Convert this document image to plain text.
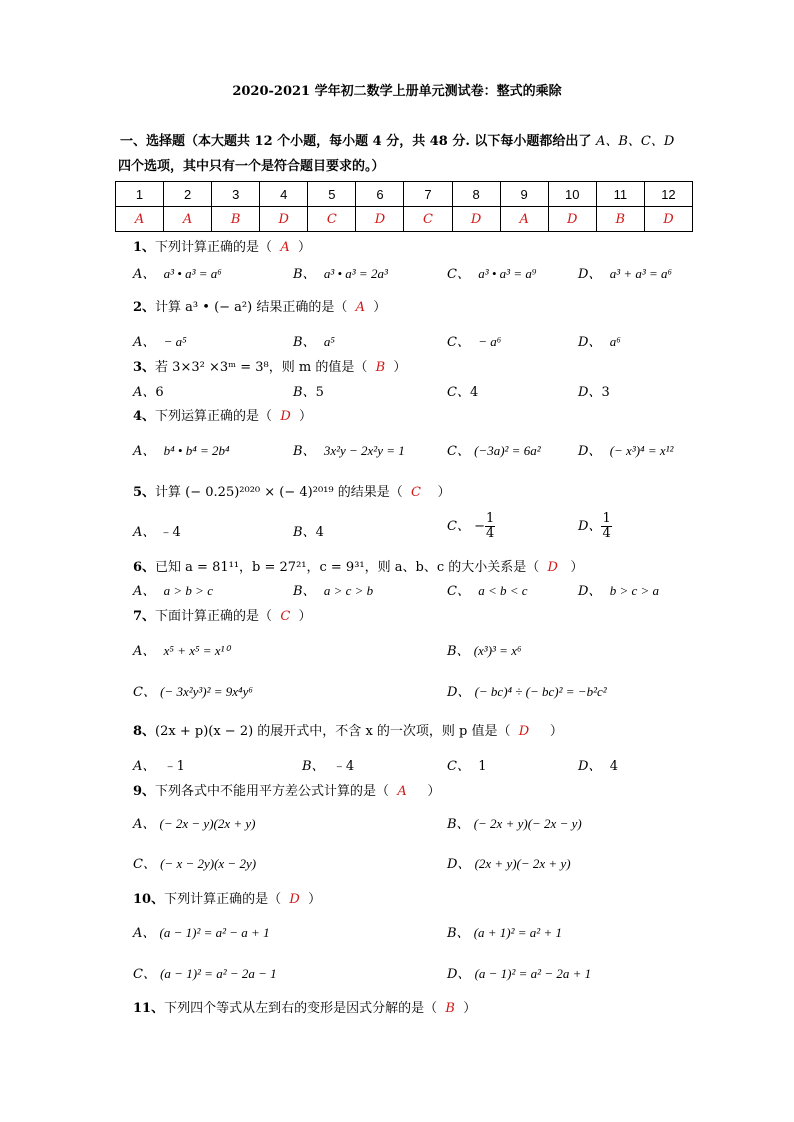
2020-2021 学年初二数学上册单元测试卷：整式的乘除
一、选择题（本大题共 12 个小题，每小题 4 分，共 48 分. 以下每小题都给出了 A、B、C、D
四个选项，其中只有一个是符合题目要求的。）
1	2	3	4	5	6	7	8	9	10	11	12
A	A	B	D	C	D	C	D	A	D	B	D
1、下列计算正确的是（ A ）
A、 a³ • a³ = a⁶	B、 a³ • a³ = 2a³	C、 a³ • a³ = a⁹	D、 a³ + a³ = a⁶
2、计算 a³ • (− a²) 结果正确的是（ A ）
A、 − a⁵	B、 a⁵	C、 − a⁶	D、 a⁶
3、若 3×3² ×3ᵐ = 3⁸，则 m 的值是（ B ）
A、6	B、5	C、4	D、3
4、下列运算正确的是（ D ）
A、 b⁴ • b⁴ = 2b⁴	B、 3x²y − 2x²y = 1	C、 (−3a)² = 6a²	D、 (− x³)⁴ = x¹²
5、计算 (− 0.25)²⁰²⁰ × (− 4)²⁰¹⁹ 的结果是（ C ）
A、 ﹣4	B、4	C、 − $\frac{1}{4}$	D、 $\frac{1}{4}$
6、已知 a = 81¹¹，b = 27²¹，c = 9³¹，则 a、b、c 的大小关系是（ D ）
A、 a > b > c	B、 a > c > b	C、 a < b < c	D、 b > c > a
7、下面计算正确的是（ C ）
A、 x⁵ + x⁵ = x¹⁰	B、 (x³)³ = x⁶
C、 (− 3x²y³)² = 9x⁴y⁶	D、 (− bc)⁴ ÷ (− bc)² = −b²c²
8、(2x + p)(x − 2) 的展开式中，不含 x 的一次项，则 p 值是（ D ）
A、 ﹣1	B、 ﹣4	C、 1	D、 4
9、下列各式中不能用平方差公式计算的是（ A ）
A、 (− 2x − y)(2x + y)	B、 (− 2x + y)(− 2x − y)
C、 (− x − 2y)(x − 2y)	D、 (2x + y)(− 2x + y)
10、下列计算正确的是（ D ）
A、 (a − 1)² = a² − a + 1	B、 (a + 1)² = a² + 1
C、 (a − 1)² = a² − 2a − 1	D、 (a − 1)² = a² − 2a + 1
11、下列四个等式从左到右的变形是因式分解的是（ B ）
